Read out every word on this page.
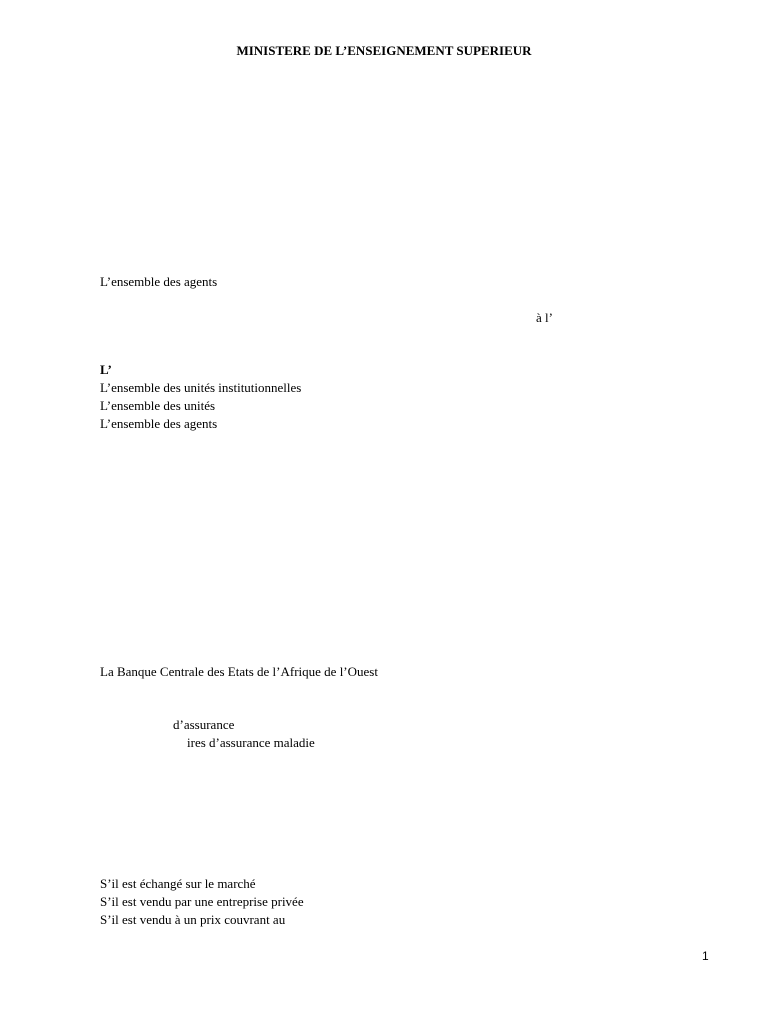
MINISTERE DE L’ENSEIGNEMENT SUPERIEUR
L’ensemble des agents
à l’
L’
L’ensemble des unités institutionnelles
L’ensemble des unités
L’ensemble des agents
La Banque Centrale des Etats de l’Afrique de l’Ouest
d’assurance
ires d’assurance maladie
S’il est échangé sur le marché
S’il est vendu par une entreprise privée
S’il est vendu à un prix couvrant au
1
